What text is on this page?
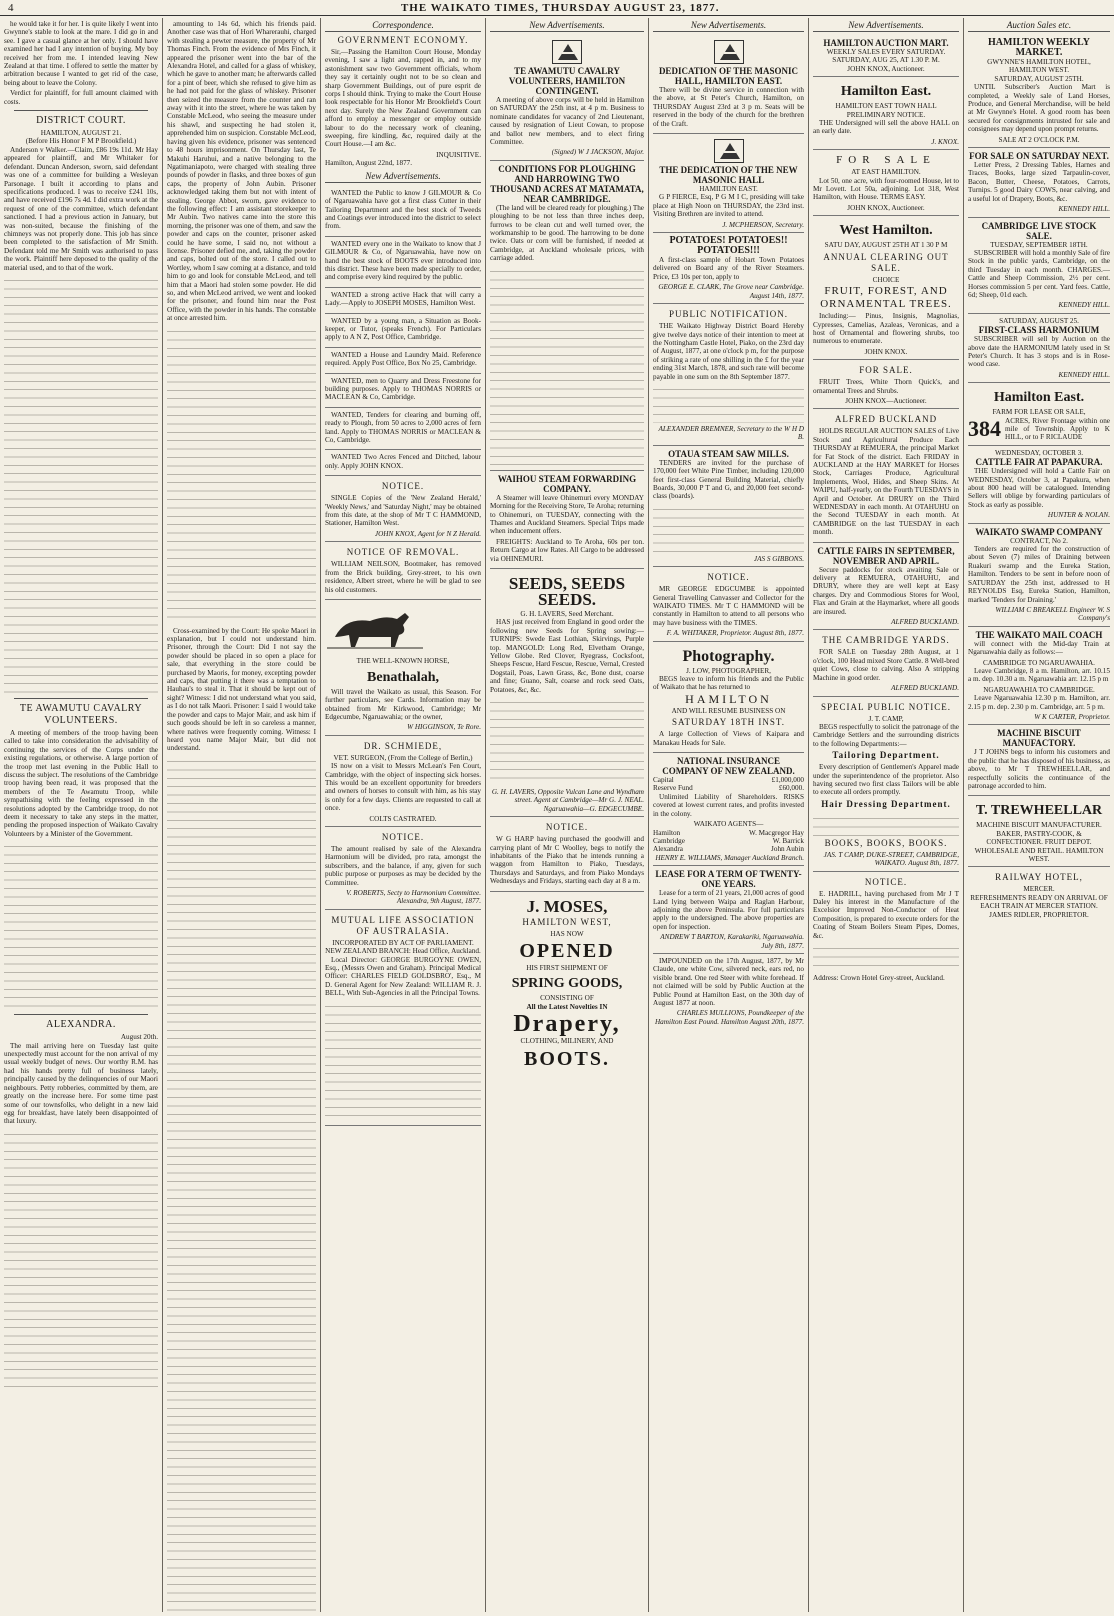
4	THE WAIKATO TIMES, THURSDAY AUGUST 23, 1877.

he would take it for her. I is quite likely I went into Gwynne's stable to look at the mare. I did go in and see. I gave a casual glance at her only. I should have examined her had I any intention of buying. My boy received her from me. I intended leaving New Zealand at that time. I offered to settle the matter by arbitration because I wanted to get rid of the case, being about to leave the Colony.

Verdict for plaintiff, for full amount claimed with costs.

DISTRICT COURT.
HAMILTON, AUGUST 21.
(Before His Honor F M P Brookfield.)

Anderson v Walker.—Claim, £86 19s 11d. Mr Hay appeared for plaintiff, and Mr Whitaker for defendant. Duncan Anderson, sworn, said defendant was one of a committee for building a Wesleyan Parsonage. I built it according to plans and specifications produced. I was to receive £241 10s, and have received £196 7s 4d. I did extra work at the request of one of the committee, which defendant sanctioned. I had a previous action in January, but was non-suited, because the finishing of the chimneys was not properly done. This job has since been completed to the satisfaction of Mr Smith. Defendant told me Mr Smith was authorised to pass the work. Plaintiff here deposed to the quality of the material used, and to that of the work.

TE AWAMUTU CAVALRY VOLUNTEERS.

A meeting of members of the troop having been called to take into consideration the advisability of continuing the services of the Corps under the existing regulations, or otherwise. A large portion of the troop met last evening in the Public Hall to discuss the subject. The resolutions of the Cambridge troop having been read, it was proposed that the members of the Te Awamutu Troop, while sympathising with the feeling expressed in the resolutions adopted by the Cambridge troop, do not deem it necessary to take any steps in the matter, pending the proposed inspection of Waikato Cavalry Volunteers by a Minister of the Government.

ALEXANDRA.
August 20th.

The mail arriving here on Tuesday last quite unexpectedly must account for the non arrival of my usual weekly budget of news. Our worthy R.M. has had his hands pretty full of business lately, principally caused by the delinquencies of our Maori neighbours. Petty robberies, committed by them, are greatly on the increase here. For some time past some of our townsfolks, who delight in a new laid egg for breakfast, have lately been disappointed of that luxury.

amounting to 14s 6d, which his friends paid. Another case was that of Hori Wharerauhi, charged with stealing a pewter measure, the property of Mr Thomas Finch. From the evidence of Mrs Finch, it appeared the prisoner went into the bar of the Alexandra Hotel, and called for a glass of whiskey, which he gave to another man; he afterwards called for a pint of beer, which she refused to give him as he had not paid for the glass of whiskey. Prisoner then seized the measure from the counter and ran away with it into the street, where he was taken by Constable McLeod, who seeing the measure under his shawl, and suspecting he had stolen it, apprehended him on suspicion. Constable McLeod, having given his evidence, prisoner was sentenced to 48 hours imprisonment. On Thursday last, Te Makuhi Haruhui, and a native belonging to the Ngatimaniapoto, were charged with stealing three pounds of powder in flasks, and three boxes of gun caps, the property of John Aubin. Prisoner acknowledged taking them but not with intent of stealing. George Abbot, sworn, gave evidence to the following effect: I am assistant storekeeper to Mr Aubin. Two natives came into the store this morning, the prisoner was one of them, and saw the powder and caps on the counter, prisoner asked could he have some, I said no, not without a license. Prisoner defied me, and, taking the powder and caps, bolted out of the store. I called out to Wortley, whom I saw coming at a distance, and told him to go and look for constable McLeod, and tell him that a Maori had stolen some powder. He did so, and when McLeod arrived, we went and looked for the prisoner, and found him near the Post Office, with the powder in his hands. The constable at once arrested him.

Cross-examined by the Court: He spoke Maori in explanation, but I could not understand him. Prisoner, through the Court: Did I not say the powder should be placed in so open a place for sale, that everything in the store could be purchased by Maoris, for money, excepting powder and caps, that putting it there was a temptation to Hauhau's to steal it. That it should be kept out of sight? Witness: I did not understand what you said, as I do not talk Maori. Prisoner: I said I would take the powder and caps to Major Mair, and ask him if such goods should be left in so careless a manner, where natives were frequently coming. Witness: I heard you name Major Mair, but did not understand.

Correspondence.
GOVERNMENT ECONOMY.

Sir,—Passing the Hamilton Court House, Monday evening, I saw a light and, rapped in, and to my astonishment saw two Government officials, whom they say it certainly ought not to be so clean and sharp Government Buildings, out of pure esprit de corps I should think. Trying to make the Court House look respectable for his Honor Mr Brookfield's Court next day. Surely the New Zealand Government can afford to employ a messenger or employ outside labour to do the necessary work of cleaning, sweeping, fire kindling, &c, required daily at the Court House.—I am &c.

INQUISITIVE.
Hamilton, August 22nd, 1877.
New Advertisements.

WANTED the Public to know J GILMOUR & Co of Ngaruawahia have got a first class Cutter in their Tailoring Department and the best stock of Tweeds and Coatings ever introduced into the district to select from.

WANTED every one in the Waikato to know that J GILMOUR & Co, of Ngaruawahia, have now on hand the best stock of BOOTS ever introduced into this district. These have been made specially to order, and comprise every kind required by the public.

WANTED a strong active Hack that will carry a Lady.—Apply to JOSEPH MOSES, Hamilton West.

WANTED by a young man, a Situation as Book-keeper, or Tutor, (speaks French). For Particulars apply to A N Z, Post Office, Cambridge.

WANTED a House and Laundry Maid. Reference required. Apply Post Office, Box No 25, Cambridge.

WANTED, men to Quarry and Dress Freestone for building purposes. Apply to THOMAS NORRIS or MACLEAN & Co, Cambridge.

WANTED, Tenders for clearing and burning off, ready to Plough, from 50 acres to 2,000 acres of fern land. Apply to THOMAS NORRIS or MACLEAN & Co, Cambridge.

WANTED Two Acres Fenced and Ditched, labour only. Apply JOHN KNOX.

NOTICE.

SINGLE Copies of the 'New Zealand Herald,' 'Weekly News,' and 'Saturday Night,' may be obtained from this date, at the shop of Mr T C HAMMOND, Stationer, Hamilton West.

JOHN KNOX, Agent for N Z Herald.
NOTICE OF REMOVAL.

WILLIAM NEILSON, Bootmaker, has removed from the Brick building, Grey-street, to his own residence, Albert street, where he will be glad to see his old customers.

THE WELL-KNOWN HORSE,
Benathalah,

Will travel the Waikato as usual, this Season. For further particulars, see Cards. Information may be obtained from Mr Kirkwood, Cambridge; Mr Edgecumbe, Ngaruawahia; or the owner,

W HIGGINSON, Te Rore.
DR. SCHMIEDE,
VET. SURGEON, (From the College of Berlin,)

IS now on a visit to Messrs McLean's Fen Court, Cambridge, with the object of inspecting sick horses. This would be an excellent opportunity for breeders and owners of horses to consult with him, as his stay is only for a few days. Clients are requested to call at once.

COLTS CASTRATED.
NOTICE.

The amount realised by sale of the Alexandra Harmonium will be divided, pro rata, amongst the subscribers, and the balance, if any, given for such public purpose or purposes as may be decided by the Committee.

V. ROBERTS, Secty to Harmonium Committee. Alexandra, 9th August, 1877.
MUTUAL LIFE ASSOCIATION OF AUSTRALASIA.
INCORPORATED BY ACT OF PARLIAMENT.
NEW ZEALAND BRANCH: Head Office, Auckland.

Local Director: GEORGE BURGOYNE OWEN, Esq., (Messrs Owen and Graham). Principal Medical Officer: CHARLES FIELD GOLDSBRO', Esq., M D. General Agent for New Zealand: WILLIAM R. J. BELL, With Sub-Agencies in all the Principal Towns.

New Advertisements.
TE AWAMUTU CAVALRY VOLUNTEERS, HAMILTON CONTINGENT.

A meeting of above corps will be held in Hamilton on SATURDAY the 25th inst, at 4 p m. Business to nominate candidates for vacancy of 2nd Lieutenant, caused by resignation of Lieut Cowan, to propose and ballot new members, and to elect firing Committee.

(Signed) W J JACKSON, Major.
CONDITIONS FOR PLOUGHING AND HARROWING TWO THOUSAND ACRES AT MATAMATA, NEAR CAMBRIDGE.

(The land will be cleared ready for ploughing.) The ploughing to be not less than three inches deep, furrows to be clean cut and well turned over, the workmanship to be good. The harrowing to be done twice. Oats or corn will be furnished, if needed at Cambridge, at Auckland wholesale prices, with carriage added.

WAIHOU STEAM FORWARDING COMPANY.

A Steamer will leave Ohinemuri every MONDAY Morning for the Receiving Store, Te Aroha; returning to Ohinemuri, on TUESDAY, connecting with the Thames and Auckland Steamers. Special Trips made when inducement offers.

FREIGHTS: Auckland to Te Aroha, 60s per ton. Return Cargo at low Rates. All Cargo to be addressed via OHINEMURI.

SEEDS, SEEDS SEEDS.
G. H. LAVERS, Seed Merchant.

HAS just received from England in good order the following new Seeds for Spring sowing:— TURNIPS: Swede East Lothian, Skirvings, Purple top. MANGOLD: Long Red, Elvetham Orange, Yellow Globe. Red Clover, Ryegrass, Cocksfoot, Sheeps Fescue, Hard Fescue, Rescue, Vernal, Crested Dogstail, Poas, Lawn Grass, &c, Bone dust, coarse and fine; Guano, Salt, coarse and rock seed Oats, Potatoes, &c, &c.

G. H. LAVERS, Opposite Vulcan Lane and Wyndham street. Agent at Cambridge—Mr G. J. NEAL. Ngaruawahia—G. EDGECUMBE.
NOTICE.

W G HARP having purchased the goodwill and carrying plant of Mr C Woolley, begs to notify the inhabitants of the Piako that he intends running a waggon from Hamilton to Piako, Tuesdays, Thursdays and Saturdays, and from Piako Mondays Wednesdays and Fridays, starting each day at 8 a m.

J. MOSES,
HAMILTON WEST,
HAS NOW
OPENED
HIS FIRST SHIPMENT OF
SPRING GOODS,
CONSISTING OF
All the Latest Novelties IN
Drapery,
CLOTHING, MILINERY, AND
BOOTS.
New Advertisements.
DEDICATION OF THE MASONIC HALL, HAMILTON EAST.

There will be divine service in connection with the above, at St Peter's Church, Hamilton, on THURSDAY August 23rd at 3 p m. Seats will be reserved in the body of the church for the brethren of the Craft.

THE DEDICATION OF THE NEW MASONIC HALL
HAMILTON EAST.

G P FIERCE, Esq, P G M I C, presiding will take place at High Noon on THURSDAY, the 23rd inst. Visiting Brethren are invited to attend.

J. MCPHERSON, Secretary.
POTATOES! POTATOES!! POTATOES!!!

A first-class sample of Hobart Town Potatoes delivered on Board any of the River Steamers. Price, £3 10s per ton, apply to

GEORGE E. CLARK, The Grove near Cambridge. August 14th, 1877.
PUBLIC NOTIFICATION.

THE Waikato Highway District Board Hereby give twelve days notice of their intention to meet at the Nottingham Castle Hotel, Piako, on the 23rd day of August, 1877, at one o'clock p m, for the purpose of striking a rate of one shilling in the £ for the year ending 31st March, 1878, and such rate will become payable in one sum on the 8th September 1877.

ALEXANDER BREMNER, Secretary to the W H D B.
OTAUA STEAM SAW MILLS.

TENDERS are invited for the purchase of 170,000 feet White Pine Timber, including 120,000 feet first-class General Building Material, chiefly Boards, 30,000 P T and G, and 20,000 feet second-class (boards).

JAS S GIBBONS.
NOTICE.

MR GEORGE EDGCUMBE is appointed General Travelling Canvasser and Collector for the WAIKATO TIMES. Mr T C HAMMOND will be constantly in Hamilton to attend to all persons who may have business with the TIMES.

F. A. WHITAKER, Proprietor. August 8th, 1877.
Photography.
J. LOW, PHOTOGRAPHER,

BEGS leave to inform his friends and the Public of Waikato that he has returned to

HAMILTON
AND WILL RESUME BUSINESS ON
SATURDAY 18TH INST.

A large Collection of Views of Kaipara and Manakau Heads for Sale.

NATIONAL INSURANCE COMPANY OF NEW ZEALAND.
Capital	£1,000,000
Reserve Fund	£60,000.

Unlimited Liability of Shareholders. RISKS covered at lowest current rates, and profits invested in the colony.

WAIKATO AGENTS—
Hamilton	W. Macgregor Hay
Cambridge	W. Barrick
Alexandra	John Aubin
HENRY E. WILLIAMS, Manager Auckland Branch.
LEASE FOR A TERM OF TWENTY-ONE YEARS.

Lease for a term of 21 years, 21,000 acres of good Land lying between Waipa and Raglan Harbour, adjoining the above Peninsula. For full particulars apply to the undersigned. The above properties are open for inspection.

ANDREW T BARTON, Karakariki, Ngaruawahia. July 8th, 1877.

IMPOUNDED on the 17th August, 1877, by Mr Claude, one white Cow, silvered neck, ears red, no visible brand. One red Steer with white forehead. If not claimed will be sold by Public Auction at the Public Pound at Hamilton East, on the 30th day of August 1877 at noon.

CHARLES MULLIONS, Poundkeeper of the Hamilton East Pound. Hamilton August 20th, 1877.
New Advertisements.
HAMILTON AUCTION MART.
WEEKLY SALES EVERY SATURDAY.
SATURDAY, AUG 25, AT 1.30 P. M.
JOHN KNOX, Auctioneer.
Hamilton East.
HAMILTON EAST TOWN HALL
PRELIMINARY NOTICE.

THE Undersigned will sell the above HALL on an early date.

J. KNOX.
FOR SALE
AT EAST HAMILTON.

Lot 50, one acre, with four-roomed House, let to Mr Lovett. Lot 50a, adjoining. Lot 318, West Hamilton, with House. TERMS EASY.

JOHN KNOX, Auctioneer.
West Hamilton.
SATU DAY, AUGUST 25TH AT 1 30 P M
ANNUAL CLEARING OUT SALE.
CHOICE
FRUIT, FOREST, AND
ORNAMENTAL TREES.

Including:— Pinus, Insignis, Magnolias, Cypresses, Camelias, Azaleas, Veronicas, and a host of Ornamental and flowering shrubs, too numerous to enumerate.

JOHN KNOX.
FOR SALE.

FRUIT Trees, White Thorn Quick's, and ornamental Trees and Shrubs.

JOHN KNOX—Auctioneer.
ALFRED BUCKLAND

HOLDS REGULAR AUCTION SALES of Live Stock and Agricultural Produce Each THURSDAY at REMUERA, the principal Market for Fat Stock of the district. Each FRIDAY in AUCKLAND at the HAY MARKET for Horses Stock, Carriages Produce, Agricultural Implements, Wool, Hides, and Sheep Skins. At WAIPU, half-yearly, on the Fourth TUESDAYS in April and October. At DRURY on the Third WEDNESDAY in each month. At OTAHUHU on the Second TUESDAY in each month. At CAMBRIDGE on the last TUESDAY in each month.

CATTLE FAIRS IN SEPTEMBER, NOVEMBER AND APRIL.

Secure paddocks for stock awaiting Sale or delivery at REMUERA, OTAHUHU, and DRURY, where they are well kept at Easy charges. Dry and Commodious Stores for Wool, Flax and Grain at the Haymarket, where all goods are insured.

ALFRED BUCKLAND.
THE CAMBRIDGE YARDS.

FOR SALE on Tuesday 28th August, at 1 o'clock, 100 Head mixed Store Cattle. 8 Well-bred quiet Cows, close to calving. Also A stripping Machine in good order.

ALFRED BUCKLAND.
SPECIAL PUBLIC NOTICE.
J. T. CAMP,

BEGS respectfully to solicit the patronage of the Cambridge Settlers and the surrounding districts to the following Departments:—

Tailoring Department.

Every description of Gentlemen's Apparel made under the superintendence of the proprietor. Also having secured two first class Tailors will be able to execute all orders promptly.

Hair Dressing Department.
BOOKS, BOOKS, BOOKS.
JAS. T CAMP, DUKE-STREET, CAMBRIDGE, WAIKATO. August 8th, 1877.
NOTICE.

E. HADRILL, having purchased from Mr J T Daley his interest in the Manufacture of the Excelsior Improved Non-Conductor of Heat Composition, is prepared to execute orders for the Coating of Steam Boilers Steam Pipes, Domes, &c.

Address: Crown Hotel Grey-street, Auckland.
Auction Sales etc.
HAMILTON WEEKLY MARKET.
GWYNNE'S HAMILTON HOTEL, HAMILTON WEST.
SATURDAY, AUGUST 25TH.

UNTIL Subscriber's Auction Mart is completed, a Weekly sale of Land Horses, Produce, and General Merchandise, will be held at Mr Gwynne's Hotel. A good room has been secured for consignments intrusted for sale and consignees may depend upon prompt returns.

SALE AT 2 O'CLOCK P.M.
FOR SALE ON SATURDAY NEXT.

Letter Press, 2 Dressing Tables, Harnes and Traces, Books, large sized Tarpaulin-cover, Bacon, Butter, Cheese, Potatoes, Carrots, Turnips. 5 good Dairy COWS, near calving, and a useful lot of Drapery, Boots, &c.

KENNEDY HILL.
CAMBRIDGE LIVE STOCK SALE.
TUESDAY, SEPTEMBER 18TH.

SUBSCRIBER will hold a monthly Sale of fire Stock in the public yards, Cambridge, on the third Tuesday in each month. CHARGES.—Cattle and Sheep Commission, 2½ per cent. Horses commission 5 per cent. Yard fees. Cattle, 6d; Sheep, 01d each.

KENNEDY HILL.
SATURDAY, AUGUST 25.
FIRST-CLASS HARMONIUM

SUBSCRIBER will sell by Auction on the above date the HARMONIUM lately used in St Peter's Church. It has 3 stops and is in Rose-wood case.

KENNEDY HILL.
Hamilton East.
FARM FOR LEASE OR SALE,
384 ACRES, River Frontage within one mile of Township. Apply to K HILL, or to F RICLAUDE
WEDNESDAY, OCTOBER 3.
CATTLE FAIR AT PAPAKURA.

THE Undersigned will hold a Cattle Fair on WEDNESDAY, October 3, at Papakura, when about 800 head will be catalogued. Intending Sellers will oblige by forwarding particulars of Stock as early as possible.

HUNTER & NOLAN.
WAIKATO SWAMP COMPANY
CONTRACT, No 2.

Tenders are required for the construction of about Seven (7) miles of Draining between Ruakuri swamp and the Eureka Station, Hamilton. Tenders to be sent in before noon of SATURDAY the 25th inst, addressed to H REYNOLDS Esq, Eureka Station, Hamilton, marked 'Tenders for Draining.'

WILLIAM C BREAKELL Engineer W. S Company's
THE WAIKATO MAIL COACH

will connect with the Mid-day Train at Ngaruawahia daily as follows:—

CAMBRIDGE TO NGARUAWAHIA.

Leave Cambridge, 8 a m. Hamilton, arr. 10.15 a m. dep. 10.30 a m. Ngaruawahia arr. 12.15 p m

NGARUAWAHIA TO CAMBRIDGE.

Leave Ngaruawahia 12.30 p m. Hamilton, arr. 2.15 p m. dep. 2.30 p m. Cambridge, arr. 5 p m.

W K CARTER, Proprietor.
MACHINE BISCUIT MANUFACTORY.

J T JOHNS begs to inform his customers and the public that he has disposed of his business, as above, to Mr T TREWHEELLAR, and respectfully solicits the continuance of the patronage accorded to him.

T. TREWHEELLAR
MACHINE BISCUIT MANUFACTURER.
BAKER, PASTRY-COOK, & CONFECTIONER. FRUIT DEPOT. WHOLESALE AND RETAIL. HAMILTON WEST.
RAILWAY HOTEL,
MERCER.
REFRESHMENTS READY ON ARRIVAL OF EACH TRAIN AT MERCER STATION.
JAMES RIDLER, PROPRIETOR.
